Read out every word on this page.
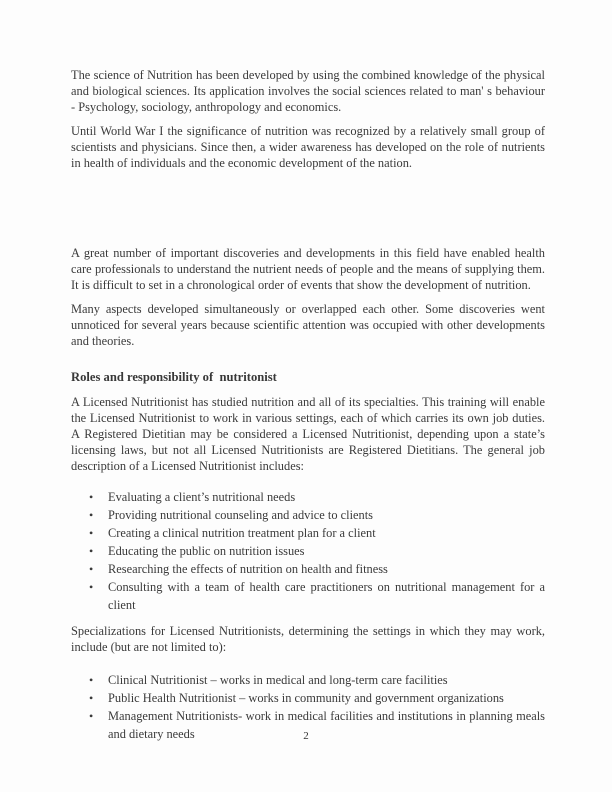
The science of Nutrition has been developed by using the combined knowledge of the physical and biological sciences. Its application involves the social sciences related to man' s behaviour - Psychology, sociology, anthropology and economics.

Until World War I the significance of nutrition was recognized by a relatively small group of scientists and physicians. Since then, a wider awareness has developed on the role of nutrients in health of individuals and the economic development of the nation.

A great number of important discoveries and developments in this field have enabled health care professionals to understand the nutrient needs of people and the means of supplying them. It is difficult to set in a chronological order of events that show the development of nutrition.

Many aspects developed simultaneously or overlapped each other. Some discoveries went unnoticed for several years because scientific attention was occupied with other developments and theories.

Roles and responsibility of  nutritonist

A Licensed Nutritionist has studied nutrition and all of its specialties. This training will enable the Licensed Nutritionist to work in various settings, each of which carries its own job duties. A Registered Dietitian may be considered a Licensed Nutritionist, depending upon a state’s licensing laws, but not all Licensed Nutritionists are Registered Dietitians. The general job description of a Licensed Nutritionist includes:

• Evaluating a client’s nutritional needs
• Providing nutritional counseling and advice to clients
• Creating a clinical nutrition treatment plan for a client
• Educating the public on nutrition issues
• Researching the effects of nutrition on health and fitness
• Consulting with a team of health care practitioners on nutritional management for a client

Specializations for Licensed Nutritionists, determining the settings in which they may work, include (but are not limited to):

• Clinical Nutritionist – works in medical and long-term care facilities
• Public Health Nutritionist – works in community and government organizations
• Management Nutritionists- work in medical facilities and institutions in planning meals and dietary needs	2
